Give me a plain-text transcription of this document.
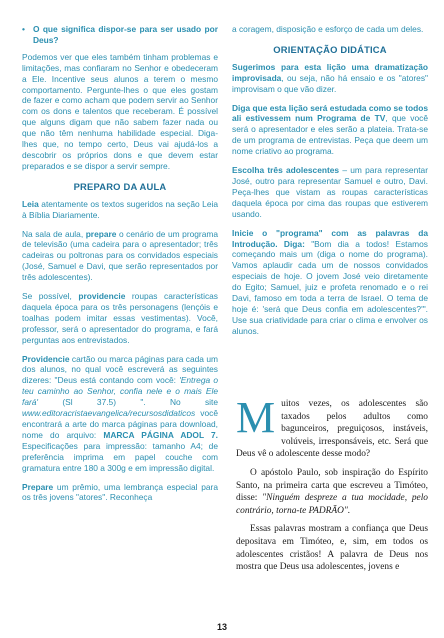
• O que significa dispor-se para ser usado por Deus?

Podemos ver que eles também tinham problemas e limitações, mas confiaram no Senhor e obedeceram a Ele. Incentive seus alunos a terem o mesmo comportamento. Pergunte-lhes o que eles gostam de fazer e como acham que podem servir ao Senhor com os dons e talentos que receberam. É possível que alguns digam que não sabem fazer nada ou que não têm nenhuma habilidade especial. Diga-lhes que, no tempo certo, Deus vai ajudá-los a descobrir os próprios dons e que devem estar preparados e se dispor a servir sempre.

PREPARO DA AULA

Leia atentamente os textos sugeridos na seção Leia à Bíblia Diariamente.

Na sala de aula, prepare o cenário de um programa de televisão (uma cadeira para o apresentador; três cadeiras ou poltronas para os convidados especiais (José, Samuel e Davi, que serão representados por três adolescentes).

Se possível, providencie roupas características daquela época para os três personagens (lençóis e toalhas podem imitar essas vestimentas). Você, professor, será o apresentador do programa, e fará perguntas aos entrevistados.

Providencie cartão ou marca páginas para cada um dos alunos, no qual você escreverá as seguintes dizeres: "Deus está contando com você: 'Entrega o teu caminho ao Senhor, confia nele e o mais Ele fará' (Sl 37.5) ". No site www.editoracristaevangelica/recursosdidaticos você encontrará a arte do marca páginas para download, nome do arquivo: MARCA PÁGINA ADOL 7. Especificações para impressão: tamanho A4; de preferência imprima em papel couche com gramatura entre 180 a 300g e em impressão digital.

Prepare um prêmio, uma lembrança especial para os três jovens "atores". Reconheça

a coragem, disposição e esforço de cada um deles.

ORIENTAÇÃO DIDÁTICA

Sugerimos para esta lição uma dramatização improvisada, ou seja, não há ensaio e os "atores" improvisam o que vão dizer.

Diga que esta lição será estudada como se todos ali estivessem num Programa de TV, que você será o apresentador e eles serão a plateia. Trata-se de um programa de entrevistas. Peça que deem um nome criativo ao programa.

Escolha três adolescentes – um para representar José, outro para representar Samuel e outro, Davi. Peça-lhes que vistam as roupas características daquela época por cima das roupas que estiverem usando.

Inicie o "programa" com as palavras da Introdução. Diga: "Bom dia a todos! Estamos começando mais um (diga o nome do programa). Vamos aplaudir cada um de nossos convidados especiais de hoje. O jovem José veio diretamente do Egito; Samuel, juiz e profeta renomado e o rei Davi, famoso em toda a terra de Israel. O tema de hoje é: 'será que Deus confia em adolescentes?'". Use sua criatividade para criar o clima e envolver os alunos.

Muitos vezes, os adolescentes são taxados pelos adultos como bagunceiros, preguiçosos, instáveis, volúveis, irresponsáveis, etc. Será que Deus vê o adolescente desse modo?

O apóstolo Paulo, sob inspiração do Espírito Santo, na primeira carta que escreveu a Timóteo, disse: "Ninguém despreze a tua mocidade, pelo contrário, torna-te PADRÃO".

Essas palavras mostram a confiança que Deus depositava em Timóteo, e, sim, em todos os adolescentes cristãos! A palavra de Deus nos mostra que Deus usa adolescentes, jovens e

13
